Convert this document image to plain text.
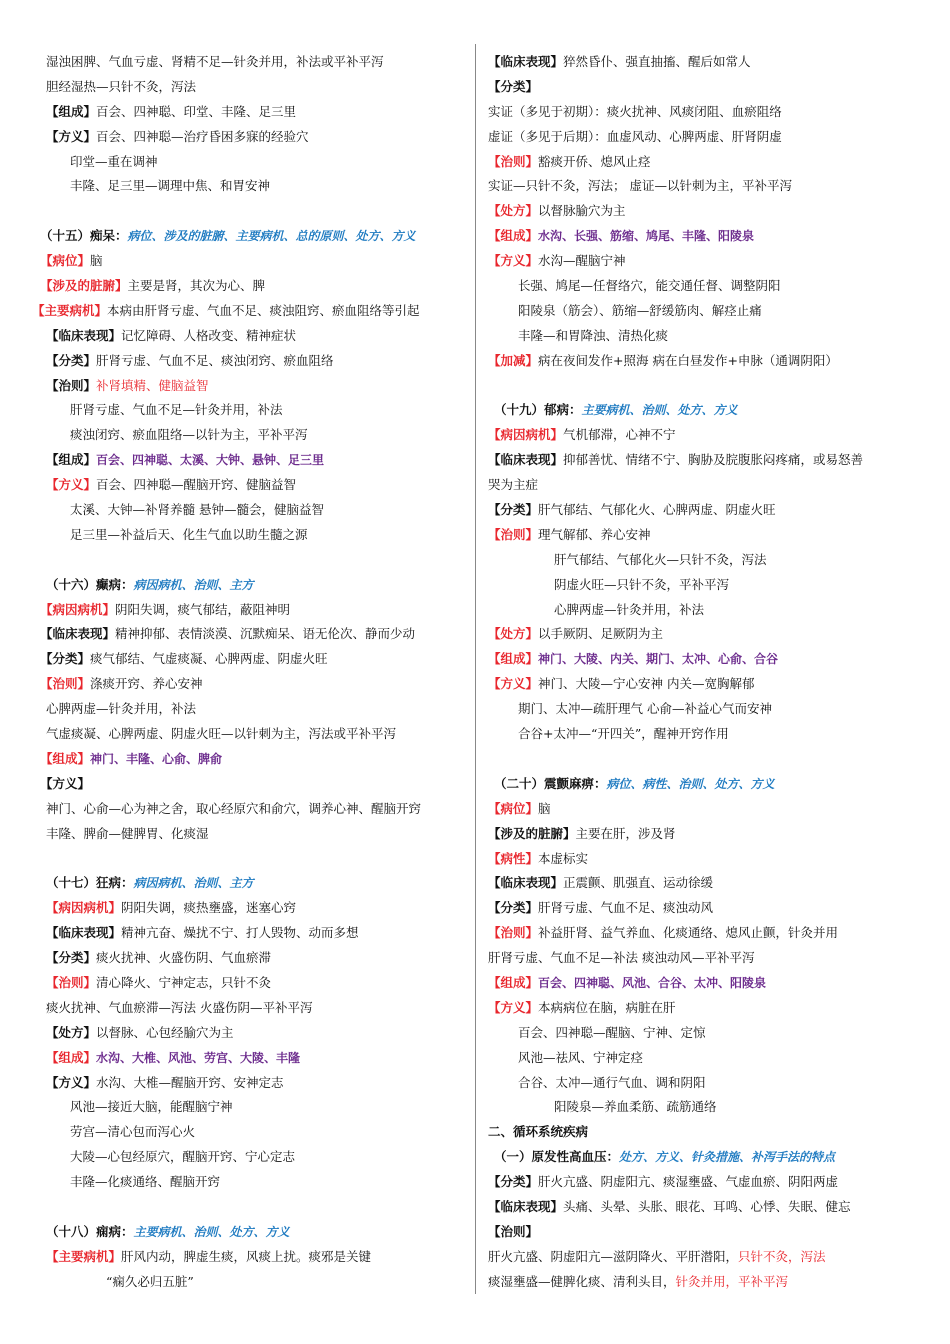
湿浊困脾、气血亏虚、肾精不足—针灸并用，补法或平补平泻
胆经湿热—只针不灸，泻法
【组成】百会、四神聪、印堂、丰隆、足三里
【方义】百会、四神聪—治疗昏困多寐的经验穴
印堂—重在调神
丰隆、足三里—调理中焦、和胃安神
（十五）痴呆：病位、涉及的脏腑、主要病机、总的原则、处方、方义
【病位】脑
【涉及的脏腑】主要是肾，其次为心、脾
【主要病机】本病由肝肾亏虚、气血不足、痰浊阻窍、瘀血阻络等引起
【临床表现】记忆障碍、人格改变、精神症状
【分类】肝肾亏虚、气血不足、痰浊闭窍、瘀血阻络
【治则】补肾填精、健脑益智
肝肾亏虚、气血不足—针灸并用，补法
痰浊闭窍、瘀血阻络—以针为主，平补平泻
【组成】百会、四神聪、太溪、大钟、悬钟、足三里
【方义】百会、四神聪—醒脑开窍、健脑益智
太溪、大钟—补肾养髓 悬钟—髓会，健脑益智
足三里—补益后天、化生气血以助生髓之源
（十六）癫病：病因病机、治则、主方
【病因病机】阴阳失调，痰气郁结，蔽阻神明
【临床表现】精神抑郁、表情淡漠、沉默痴呆、语无伦次、静而少动
【分类】痰气郁结、气虚痰凝、心脾两虚、阴虚火旺
【治则】涤痰开窍、养心安神
心脾两虚—针灸并用，补法
气虚痰凝、心脾两虚、阴虚火旺—以针刺为主，泻法或平补平泻
【组成】神门、丰隆、心俞、脾俞
【方义】
神门、心俞—心为神之舍，取心经原穴和俞穴，调养心神、醒脑开窍
丰隆、脾俞—健脾胃、化痰湿
（十七）狂病：病因病机、治则、主方
【病因病机】阴阳失调，痰热壅盛，迷塞心窍
【临床表现】精神亢奋、燥扰不宁、打人毁物、动而多想
【分类】痰火扰神、火盛伤阴、气血瘀滞
【治则】清心降火、宁神定志，只针不灸
痰火扰神、气血瘀滞—泻法 火盛伤阴—平补平泻
【处方】以督脉、心包经腧穴为主
【组成】水沟、大椎、风池、劳宫、大陵、丰隆
【方义】水沟、大椎—醒脑开窍、安神定志
风池—接近大脑，能醒脑宁神
劳宫—清心包而泻心火
大陵—心包经原穴，醒脑开窍、宁心定志
丰隆—化痰通络、醒脑开窍
（十八）痫病：主要病机、治则、处方、方义
【主要病机】肝风内动，脾虚生痰，风痰上扰。痰邪是关键
“痫久必归五脏”
【临床表现】猝然昏仆、强直抽搐、醒后如常人
【分类】
实证（多见于初期）：痰火扰神、风痰闭阻、血瘀阻络
虚证（多见于后期）：血虚风动、心脾两虚、肝肾阴虚
【治则】豁痰开侨、熄风止痉
实证—只针不灸，泻法； 虚证—以针刺为主，平补平泻
【处方】以督脉腧穴为主
【组成】水沟、长强、筋缩、鸠尾、丰隆、阳陵泉
【方义】水沟—醒脑宁神
长强、鸠尾—任督络穴，能交通任督、调整阴阳
阳陵泉（筋会）、筋缩—舒缓筋肉、解痉止痛
丰隆—和胃降浊、清热化痰
【加减】病在夜间发作+照海 病在白昼发作+申脉（通调阴阳）
（十九）郁病：主要病机、治则、处方、方义
【病因病机】气机郁滞，心神不宁
【临床表现】抑郁善忧、情绪不宁、胸胁及脘腹胀闷疼痛，或易怒善
哭为主症
【分类】肝气郁结、气郁化火、心脾两虚、阴虚火旺
【治则】理气解郁、养心安神
肝气郁结、气郁化火—只针不灸，泻法
阴虚火旺—只针不灸，平补平泻
心脾两虚—针灸并用，补法
【处方】以手厥阴、足厥阴为主
【组成】神门、大陵、内关、期门、太冲、心俞、合谷
【方义】神门、大陵—宁心安神 内关—宽胸解郁
期门、太冲—疏肝理气 心俞—补益心气而安神
合谷+太冲—“开四关”，醒神开窍作用
（二十）震颤麻痹：病位、病性、治则、处方、方义
【病位】脑
【涉及的脏腑】主要在肝，涉及肾
【病性】本虚标实
【临床表现】正震颤、肌强直、运动徐缓
【分类】肝肾亏虚、气血不足、痰浊动风
【治则】补益肝肾、益气养血、化痰通络、熄风止颤，针灸并用
肝肾亏虚、气血不足—补法 痰浊动风—平补平泻
【组成】百会、四神聪、风池、合谷、太冲、阳陵泉
【方义】本病病位在脑，病脏在肝
百会、四神聪—醒脑、宁神、定惊
风池—祛风、宁神定痉
合谷、太冲—通行气血、调和阴阳
阳陵泉—养血柔筋、疏筋通络
二、循环系统疾病
（一）原发性高血压：处方、方义、针灸措施、补泻手法的特点
【分类】肝火亢盛、阴虚阳亢、痰湿壅盛、气虚血瘀、阴阳两虚
【临床表现】头痛、头晕、头胀、眼花、耳鸣、心悸、失眠、健忘
【治则】
肝火亢盛、阴虚阳亢—滋阴降火、平肝潜阳，只针不灸，泻法
痰湿壅盛—健脾化痰、清利头目，针灸并用，平补平泻
